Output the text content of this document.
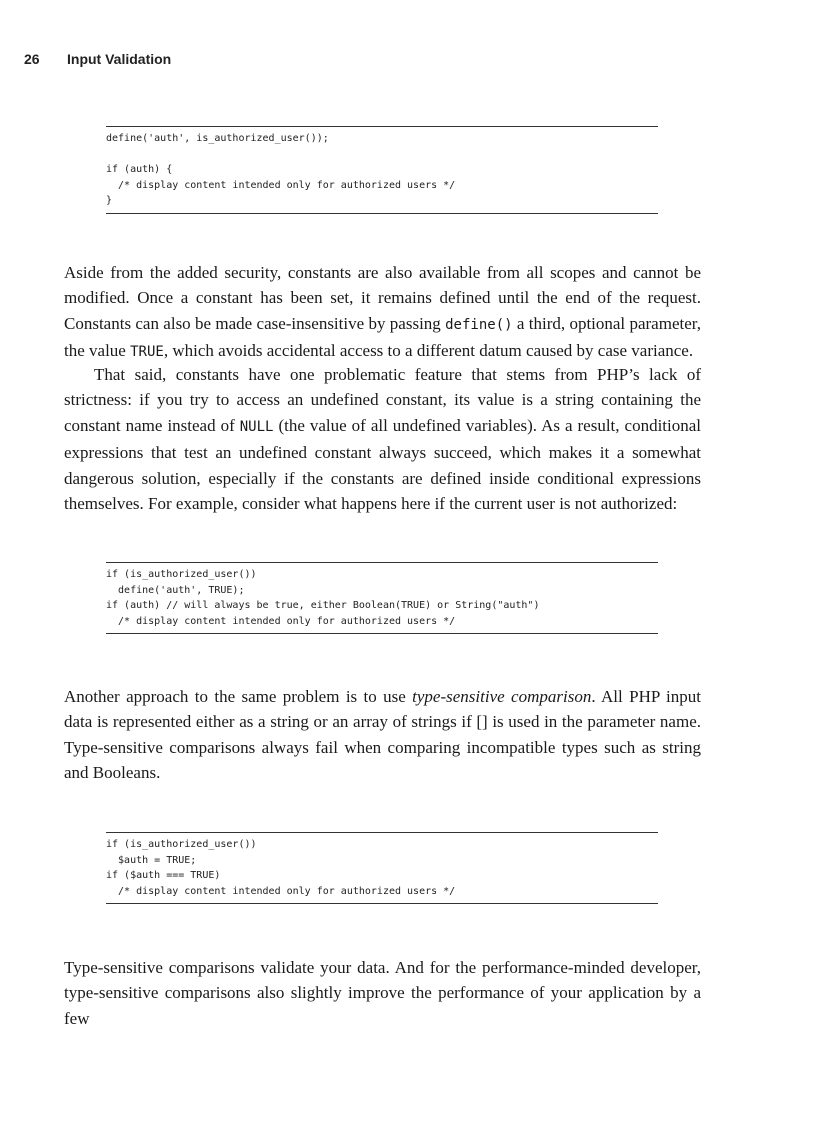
26 Input Validation
define('auth', is_authorized_user());
if (auth) {
/* display content intended only for authorized users */
}

Aside from the added security, constants are also available from all scopes and cannot be modified. Once a constant has been set, it remains defined until the end of the request. Constants can also be made case-insensitive by passing define() a third, optional parameter, the value TRUE, which avoids accidental access to a different datum caused by case variance.

That said, constants have one problematic feature that stems from PHP’s lack of strictness: if you try to access an undefined constant, its value is a string containing the constant name instead of NULL (the value of all undefined variables). As a result, conditional expressions that test an undefined constant always succeed, which makes it a somewhat dangerous solution, especially if the constants are defined inside conditional expressions themselves. For example, consider what happens here if the current user is not authorized:

if (is_authorized_user())
define('auth', TRUE);
if (auth) // will always be true, either Boolean(TRUE) or String("auth")
/* display content intended only for authorized users */

Another approach to the same problem is to use type-sensitive comparison. All PHP input data is represented either as a string or an array of strings if [] is used in the parameter name. Type-sensitive comparisons always fail when comparing incompatible types such as string and Booleans.

if (is_authorized_user())
$auth = TRUE;
if ($auth === TRUE)
/* display content intended only for authorized users */

Type-sensitive comparisons validate your data. And for the performance-minded developer, type-sensitive comparisons also slightly improve the performance of your application by a few
